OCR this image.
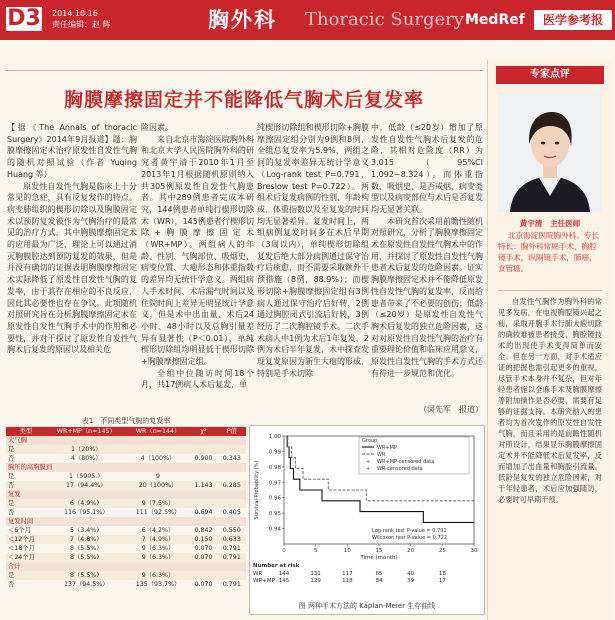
D3 2014.10.16
责任编辑：赵 辉	胸外科 Thoracic Surgery MedRef	医学参考报
胸膜摩擦固定并不能降低气胸术后复发率

【据《The Annals of thoracic Surgery》2014年9月报道】题：胸膜摩擦固定术治疗原发性自发性气胸的随机对照试验（作者 Yuqing Huang 等）

原发性自发性气胸是临床上十分常见的急症，具有反复发作的特点。病变肺组织的楔形切除以及胸膜固定术以预防复发被作为气胸治疗的最常见的治疗方式，其中胸膜摩擦固定术的应用最为广泛，理论上可以通过消灭胸膜腔达到预防复发的效果，但是并没有确切的证据表明胸膜摩擦固定术实际降低了原发性自发性气胸的复发率，由于其存在相应的不良反应，因此其必要性也存在争议。此项随机对照研究旨在分析胸膜摩擦固定术在原发性自发性气胸手术中的作用和必要性，并对于探讨了原发性自发性气胸术后复发的原因以及相关危

险因素。

来自北京市海淀医院胸外科和北京大学人民医院胸外科的研究者黄宇清于2010年1月至2013年1月根据随机原则纳入共305例原发性自发性气胸患者。其中289例患者完成本研究，144例患者单纯行楔形切除术（WR），145例患者行楔形切除+胸膜摩擦固定术（WR+MP）。两组病人的年龄、性别、气胸部位、吸烟史、病变位置、大疱形态和体重指数的差异均无统计学意义。两组病人手术时间、术后漏气时间以及住院时间上差异无明显统计学意义，但是术中出血量、术后24小时、48小时以及总胸引量差异有显著性（P＜0.01），单纯楔形切除组均明显低于楔形切除+胸膜摩擦固定组。

全组中位随访时间18个月，共17例病人术后复发，单

纯楔形切除组和楔形切除+胸膜摩擦固定组分别为9例和8例，全组总复发率为5.9%，两组之间的复发率差异无统计学意义（Log-rank test P=0.791，Breslow test P=0.722）。两组术后复发病例的性别、年龄构成、体重指数以及至复发的时间均无显著差异。复发时间上，两组病例复发时间多在术后早期（3周以内），单纯楔形切除组复发后绝大部分病例通过保守治疗后痊愈，而不需要采取额外干预措施（8例，88.9%）；而楔形切除+胸膜摩擦固定组有3例病人通过保守治疗后好转，2例通过胸腔闭式引流后好转，3例经历了二次胸腔镜手术。二次手术病人中1例为术后1年复发，2例为术后半年复发，术中探查发现复发原因为新生大疱的形成，特别是手术切除

中，低龄（≤20岁）增加了原发性自发性气胸术后复发的危险，其相对危险度（RR）为3.015（95%CI 1.092~8.324）。而体重指数、吸烟史、是否戒烟、病变类型以及病变部位与术后是否复发均无显著关联。

本研究首次采用前瞻性随机对照研究，分析了胸膜摩擦固定术在原发性自发性气胸术中的作用，并探讨了原发性自发性气胸患者术后复发的危险因素。证实胸膜摩擦固定术并不能降低原发性自发性气胸的复发率，反而给患者带来了不必要的创伤；低龄（≤20岁）是原发性自发性气胸术后复发的独立危险因素，这对对原发性自发性气胸的治疗有重要理论价值和临床应用意义，原发性自发性气胸的手术方式还有待进一步规范和优化。

（闵先军　报道）
表1　不同类型气胸的复发率
类型	WR+MP（n=145）	WR（n=144）	χ²	P值
大气胸				
是	1（20%）			
否	4（80%）	4（100%）	0.900	0.343
胸压的高胸膜到				
是	1（5905.）	9		
否	17（94.4%）	20（100%）	1.143	0.285
复发				
是	6（4.9%）	9（7.5%）		
否	116（95.1%）	111（92.5%）	0.694	0.405
复发时间				
＜6个月	5（3.4%）	6（4.2%）	0.842	0.550
＜12个月	7（4.8%）	7（4.9%）	0.150	0.633
＜18个月	8（5.5%）	9（6.3%）	0.070	0.791
＜24个月	8（5.5%）	9（6.3%）	0.070	0.791
合计				
是	8（5.5%）	9（6.3%）		
否	137（94.5%）	135（93.7%）	0.070	0.791
0.94
0.95
0.96
0.97
0.98
0.99
1.00
0	5	10	15	20	25	30
Survival-Probability (%)
Time (month)
Group
WR+MP
WR
+ WR+MP-censored data
+ WR-censored data
Log-rank test P-value = 0.791
Wilcoxon test P-value = 0.722
Number at risk
WR	144	131	117	85	40	18
WR+MP 145	129	118	84	39	17
图 两种手术方法的 Kaplan-Meier 生存曲线
专家点评
黄宇清　主任医师

北京海淀医院胸外科。专长特长：胸外科常规手术，胸腔镜手术，纵隔镜手术，肺癌，食管癌。

自发性气胸作为胸外科的常见多发病，在电视胸腔镜兴起之前，采取开胸手术行肺大疱切除的确较难被患者接受，胸腔镜技术的出现使手术变得简单而安全。但在另一方面，对手术适应证的把握也需引起更多的重视，尽管手术本身并不复杂，但对年轻患者施以全麻手术及胸膜摩擦等附加操作是否必要，需要有足够的证据支持。本研究纳入的患者均为首次发作的原发性自发性气胸，而且采用的是前瞻性随机对照设计，结果显示胸膜摩擦固定术并不能降低术后复发率，反而增加了出血量和胸腔引流量。低龄是复发的独立危险因素，对于年轻患者，术后应加强随访，必要时可早期干预。
